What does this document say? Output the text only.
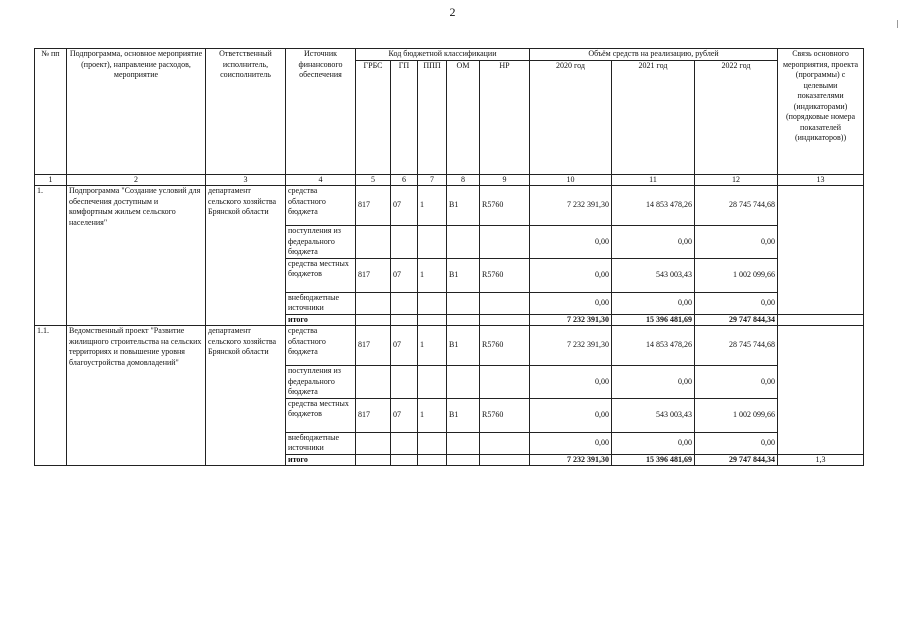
2
№ пп	Подпрограмма, основное мероприятие (проект), направление расходов, мероприятие	Ответственный исполнитель, соисполнитель	Источник финансового обеспечения	Код бюджетной классификации					Объём средств на реализацию, рублей			Связь основного мероприятия, проекта (программы) с целевыми показателями (индикаторами) (порядковые номера показателей (индикаторов))
				ГРБС	ГП	ППП	ОМ	НР	2020 год	2021 год	2022 год	
1	2	3	4	5	6	7	8	9	10	11	12	13
1.	Подпрограмма "Создание условий для обеспечения доступным и комфортным жильем сельского населения"	департамент сельского хозяйства Брянской области	средства областного бюджета	817	07	1	В1	R5760	7 232 391,30	14 853 478,26	28 745 744,68	
			поступления из федерального бюджета						0,00	0,00	0,00	
			средства местных бюджетов	817	07	1	В1	R5760	0,00	543 003,43	1 002 099,66	
			внебюджетные источники						0,00	0,00	0,00	
			итого						7 232 391,30	15 396 481,69	29 747 844,34	
1.1.	Ведомственный проект "Развитие жилищного строительства на сельских территориях и повышение уровня благоустройства домовладений"	департамент сельского хозяйства Брянской области	средства областного бюджета	817	07	1	В1	R5760	7 232 391,30	14 853 478,26	28 745 744,68	
			поступления из федерального бюджета						0,00	0,00	0,00	
			средства местных бюджетов	817	07	1	В1	R5760	0,00	543 003,43	1 002 099,66	
			внебюджетные источники						0,00	0,00	0,00	
			итого						7 232 391,30	15 396 481,69	29 747 844,34	1,3
